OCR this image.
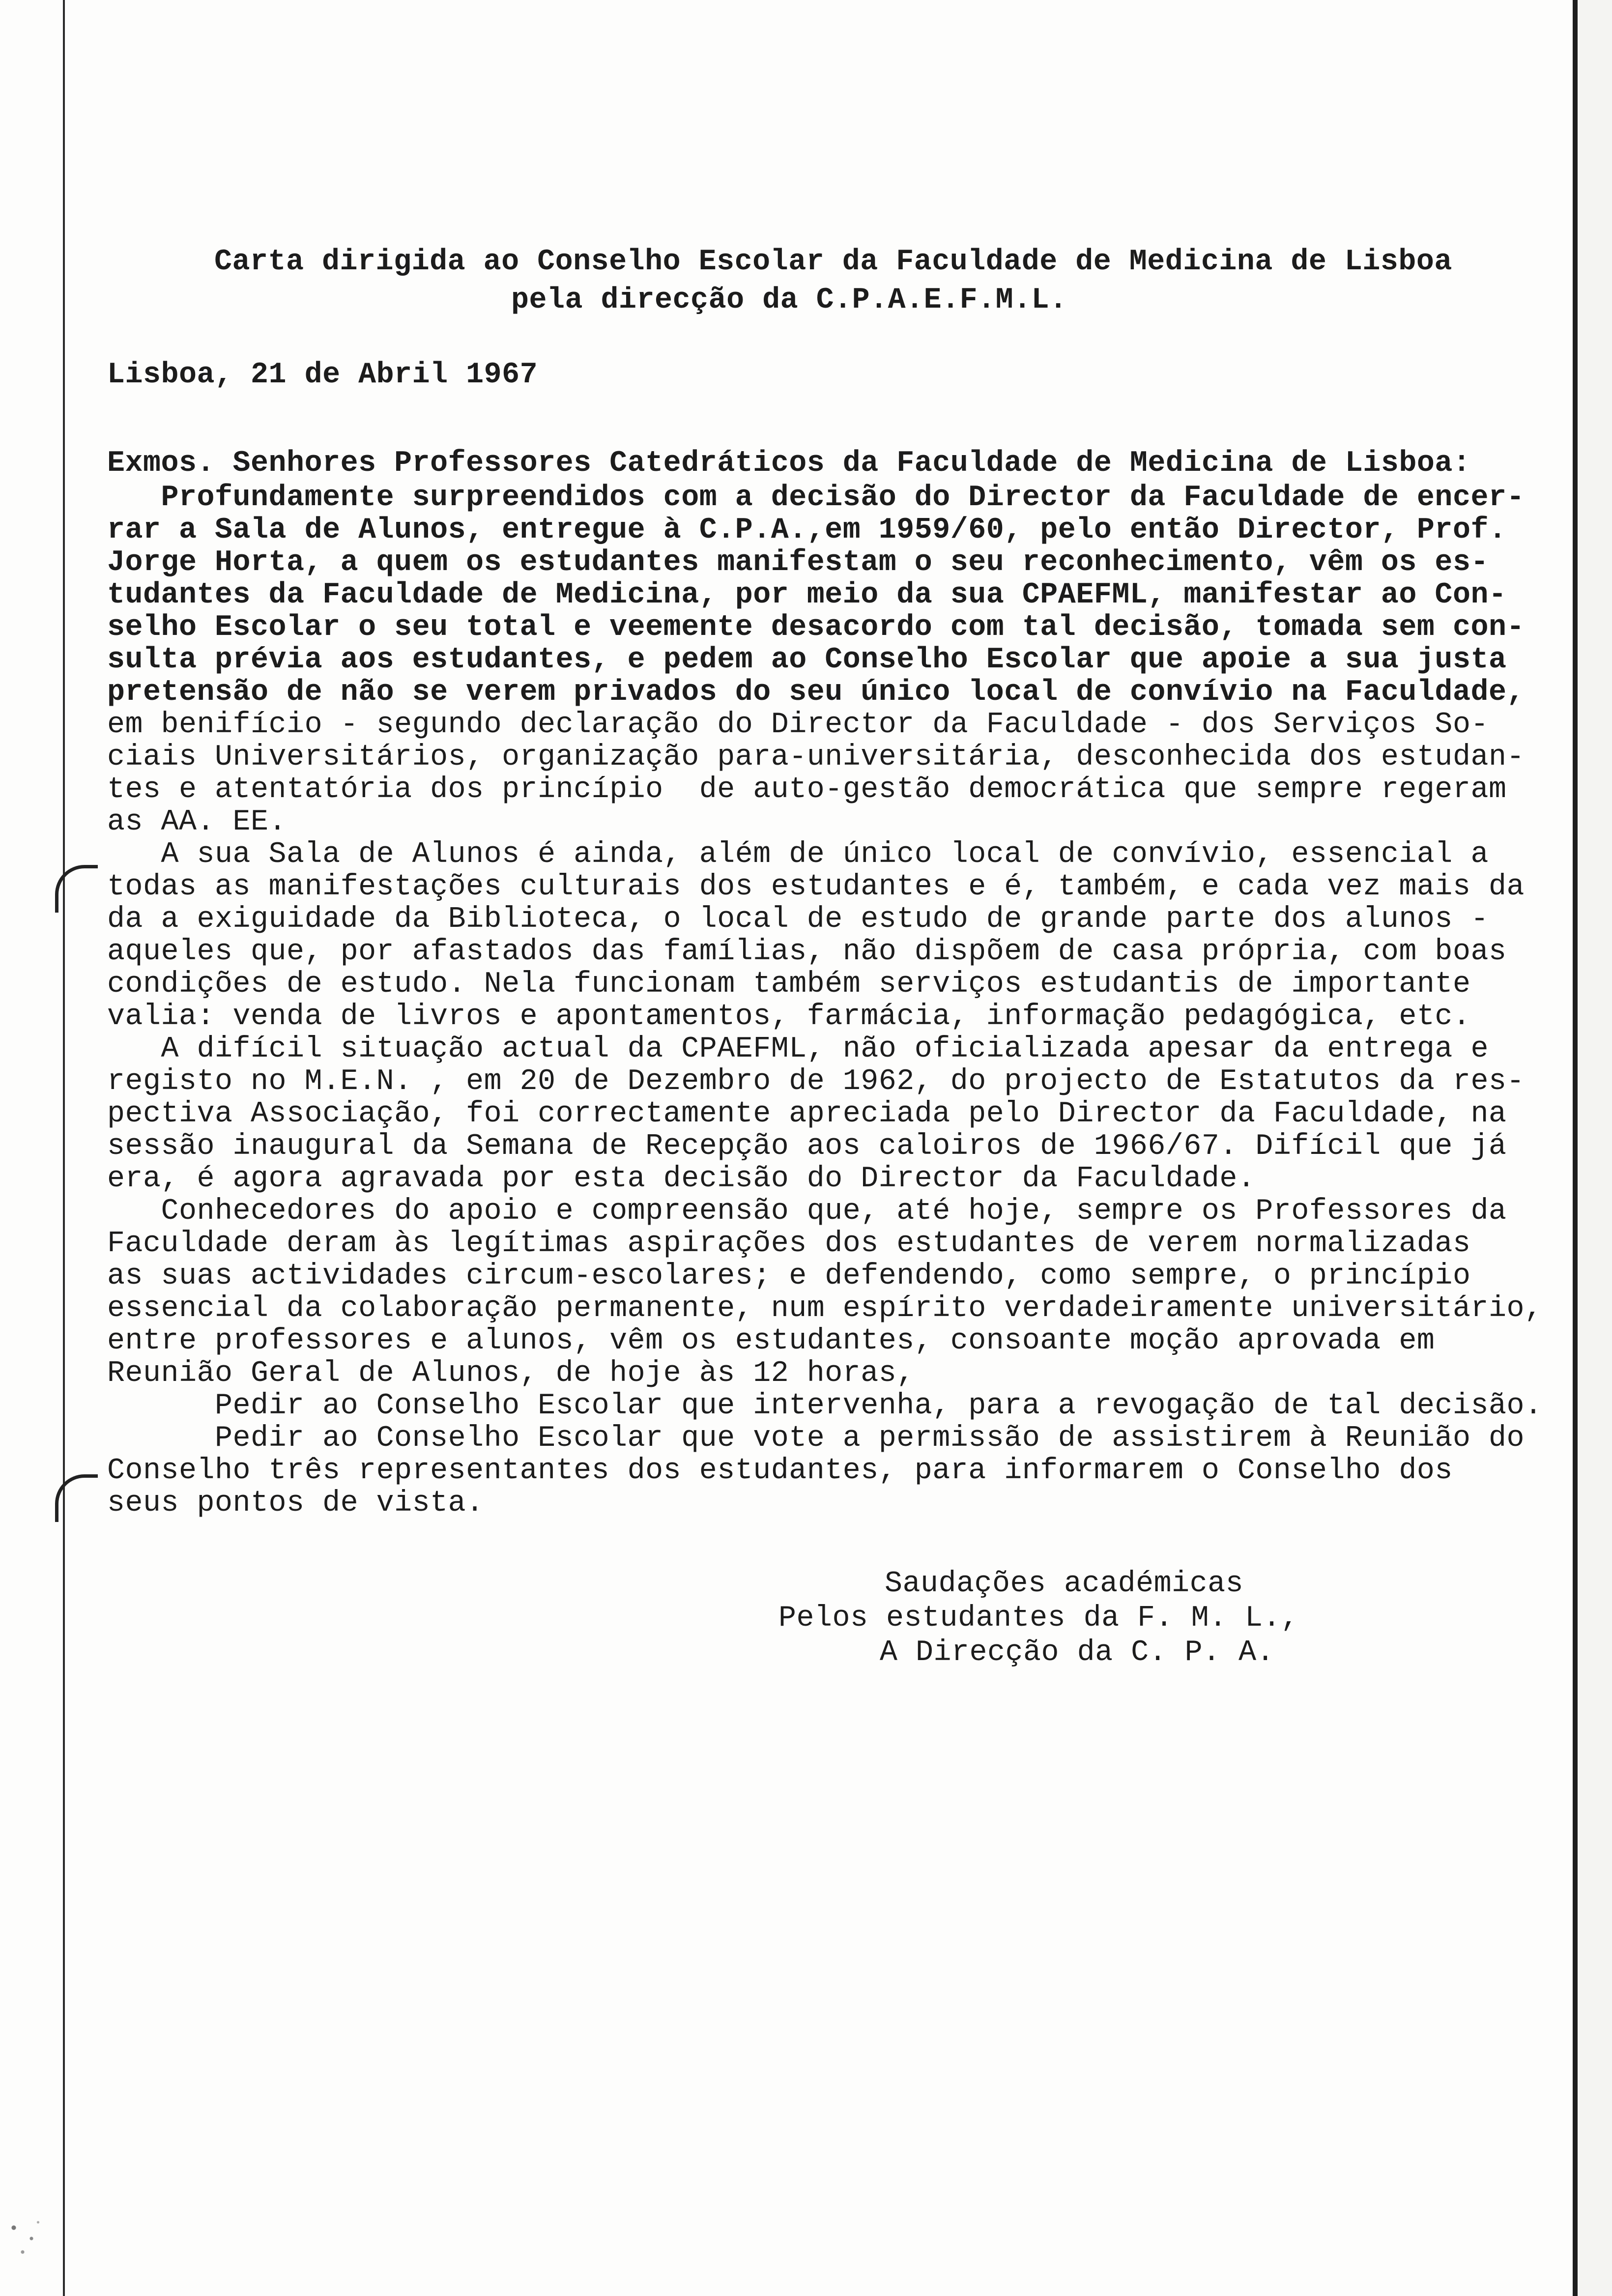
Carta dirigida ao Conselho Escolar da Faculdade de Medicina de Lisboa
pela direcção da C.P.A.E.F.M.L.
Lisboa, 21 de Abril 1967
Exmos. Senhores Professores Catedráticos da Faculdade de Medicina de Lisboa:
Profundamente surpreendidos com a decisão do Director da Faculdade de encer-
rar a Sala de Alunos, entregue à C.P.A.,em 1959/60, pelo então Director, Prof.
Jorge Horta, a quem os estudantes manifestam o seu reconhecimento, vêm os es-
tudantes da Faculdade de Medicina, por meio da sua CPAEFML, manifestar ao Con-
selho Escolar o seu total e veemente desacordo com tal decisão, tomada sem con-
sulta prévia aos estudantes, e pedem ao Conselho Escolar que apoie a sua justa
pretensão de não se verem privados do seu único local de convívio na Faculdade,
em benifício - segundo declaração do Director da Faculdade - dos Serviços So-
ciais Universitários, organização para-universitária, desconhecida dos estudan-
tes e atentatória dos princípio  de auto-gestão democrática que sempre regeram
as AA. EE.
A sua Sala de Alunos é ainda, além de único local de convívio, essencial a
todas as manifestações culturais dos estudantes e é, também, e cada vez mais da
da a exiguidade da Biblioteca, o local de estudo de grande parte dos alunos -
aqueles que, por afastados das famílias, não dispõem de casa própria, com boas
condições de estudo. Nela funcionam também serviços estudantis de importante
valia: venda de livros e apontamentos, farmácia, informação pedagógica, etc.
A difícil situação actual da CPAEFML, não oficializada apesar da entrega e
registo no M.E.N. , em 20 de Dezembro de 1962, do projecto de Estatutos da res-
pectiva Associação, foi correctamente apreciada pelo Director da Faculdade, na
sessão inaugural da Semana de Recepção aos caloiros de 1966/67. Difícil que já
era, é agora agravada por esta decisão do Director da Faculdade.
Conhecedores do apoio e compreensão que, até hoje, sempre os Professores da
Faculdade deram às legítimas aspirações dos estudantes de verem normalizadas
as suas actividades circum-escolares; e defendendo, como sempre, o princípio
essencial da colaboração permanente, num espírito verdadeiramente universitário,
entre professores e alunos, vêm os estudantes, consoante moção aprovada em
Reunião Geral de Alunos, de hoje às 12 horas,
Pedir ao Conselho Escolar que intervenha, para a revogação de tal decisão.
Pedir ao Conselho Escolar que vote a permissão de assistirem à Reunião do
Conselho três representantes dos estudantes, para informarem o Conselho dos
seus pontos de vista.
Saudações académicas
Pelos estudantes da F. M. L.,
A Direcção da C. P. A.
